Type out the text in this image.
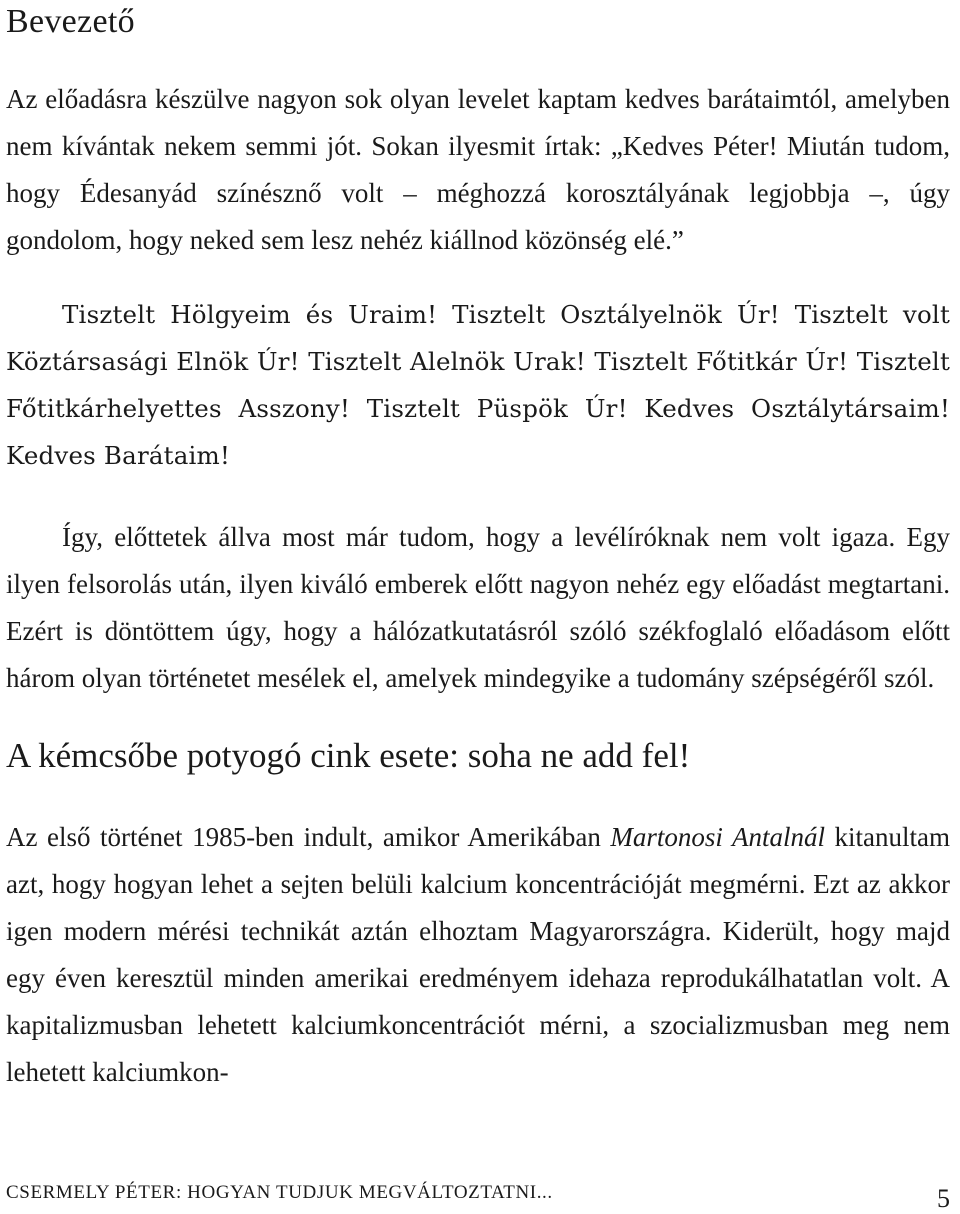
Bevezető

Az előadásra készülve nagyon sok olyan levelet kaptam kedves barátaimtól, amelyben nem kívántak nekem semmi jót. Sokan ilyesmit írtak: „Kedves Péter! Miután tudom, hogy Édesanyád színésznő volt – méghozzá korosztályának legjobbja –, úgy gondolom, hogy neked sem lesz nehéz kiállnod közönség elé.”

Tisztelt Hölgyeim és Uraim! Tisztelt Osztályelnök Úr! Tisztelt volt Köztársasági Elnök Úr! Tisztelt Alelnök Urak! Tisztelt Főtitkár Úr! Tisztelt Főtitkárhelyettes Asszony! Tisztelt Püspök Úr! Kedves Osztálytársaim! Kedves Barátaim!

Így, előttetek állva most már tudom, hogy a levélíróknak nem volt igaza. Egy ilyen felsorolás után, ilyen kiváló emberek előtt nagyon nehéz egy előadást megtartani. Ezért is döntöttem úgy, hogy a hálózatkutatásról szóló székfoglaló előadásom előtt három olyan történetet mesélek el, amelyek mindegyike a tudomány szépségéről szól.

A kémcsőbe potyogó cink esete: soha ne add fel!

Az első történet 1985-ben indult, amikor Amerikában Martonosi Antalnál kitanultam azt, hogy hogyan lehet a sejten belüli kalcium koncentrációját megmérni. Ezt az akkor igen modern mérési technikát aztán elhoztam Magyarországra. Kiderült, hogy majd egy éven keresztül minden amerikai eredményem idehaza reprodukálhatatlan volt. A kapitalizmusban lehetett kalciumkoncentrációt mérni, a szocializmusban meg nem lehetett kalciumkon-

CSERMELY PÉTER: HOGYAN TUDJUK MEGVÁLTOZTATNI...	5
